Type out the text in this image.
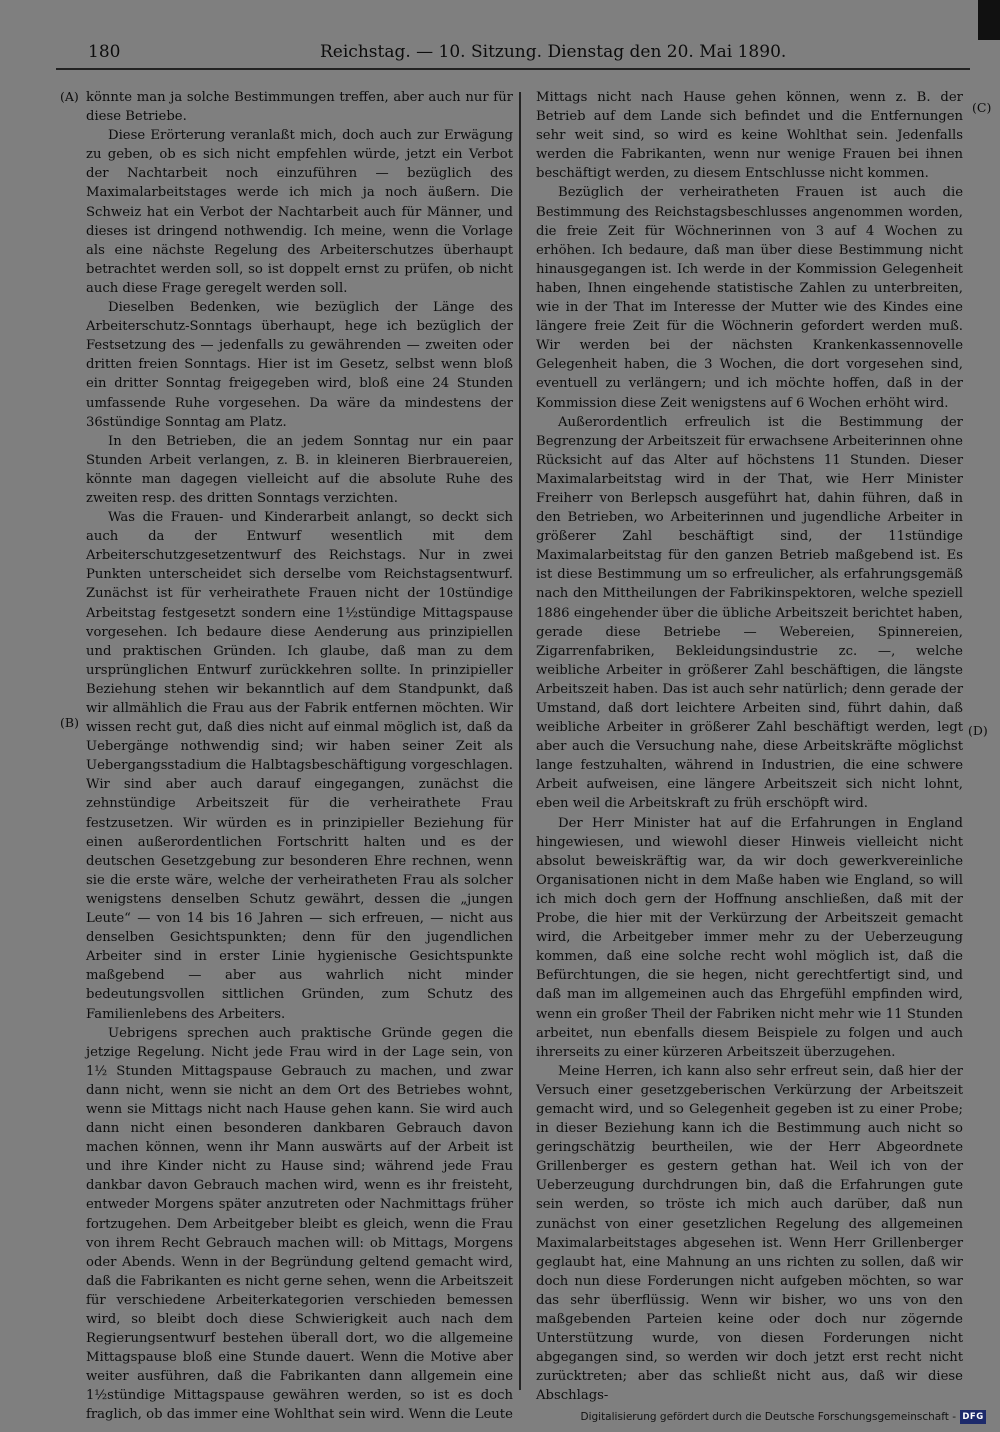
180	Reichstag. — 10. Sitzung. Dienstag den 20. Mai 1890.
(A)
(B)
(C)
(D)

könnte man ja solche Bestimmungen treffen, aber auch nur für diese Betriebe.

Diese Erörterung veranlaßt mich, doch auch zur Erwägung zu geben, ob es sich nicht empfehlen würde, jetzt ein Verbot der Nachtarbeit noch einzuführen — bezüglich des Maximalarbeitstages werde ich mich ja noch äußern. Die Schweiz hat ein Verbot der Nachtarbeit auch für Männer, und dieses ist dringend nothwendig. Ich meine, wenn die Vorlage als eine nächste Regelung des Arbeiterschutzes überhaupt betrachtet werden soll, so ist doppelt ernst zu prüfen, ob nicht auch diese Frage geregelt werden soll.

Dieselben Bedenken, wie bezüglich der Länge des Arbeiterschutz-Sonntags überhaupt, hege ich bezüglich der Festsetzung des — jedenfalls zu gewährenden — zweiten oder dritten freien Sonntags. Hier ist im Gesetz, selbst wenn bloß ein dritter Sonntag freigegeben wird, bloß eine 24 Stunden umfassende Ruhe vorgesehen. Da wäre da mindestens der 36stündige Sonntag am Platz.

In den Betrieben, die an jedem Sonntag nur ein paar Stunden Arbeit verlangen, z. B. in kleineren Bierbrauereien, könnte man dagegen vielleicht auf die absolute Ruhe des zweiten resp. des dritten Sonntags verzichten.

Was die Frauen- und Kinderarbeit anlangt, so deckt sich auch da der Entwurf wesentlich mit dem Arbeiterschutzgesetzentwurf des Reichstags. Nur in zwei Punkten unterscheidet sich derselbe vom Reichstagsentwurf. Zunächst ist für verheirathete Frauen nicht der 10stündige Arbeitstag festgesetzt sondern eine 1½stündige Mittagspause vorgesehen. Ich bedaure diese Aenderung aus prinzipiellen und praktischen Gründen. Ich glaube, daß man zu dem ursprünglichen Entwurf zurückkehren sollte. In prinzipieller Beziehung stehen wir bekanntlich auf dem Standpunkt, daß wir allmählich die Frau aus der Fabrik entfernen möchten. Wir wissen recht gut, daß dies nicht auf einmal möglich ist, daß da Uebergänge nothwendig sind; wir haben seiner Zeit als Uebergangsstadium die Halbtagsbeschäftigung vorgeschlagen. Wir sind aber auch darauf eingegangen, zunächst die zehnstündige Arbeitszeit für die verheirathete Frau festzusetzen. Wir würden es in prinzipieller Beziehung für einen außerordentlichen Fortschritt halten und es der deutschen Gesetzgebung zur besonderen Ehre rechnen, wenn sie die erste wäre, welche der verheiratheten Frau als solcher wenigstens denselben Schutz gewährt, dessen die „jungen Leute“ — von 14 bis 16 Jahren — sich erfreuen, — nicht aus denselben Gesichtspunkten; denn für den jugendlichen Arbeiter sind in erster Linie hygienische Gesichtspunkte maßgebend — aber aus wahrlich nicht minder bedeutungsvollen sittlichen Gründen, zum Schutz des Familienlebens des Arbeiters.

Uebrigens sprechen auch praktische Gründe gegen die jetzige Regelung. Nicht jede Frau wird in der Lage sein, von 1½ Stunden Mittagspause Gebrauch zu machen, und zwar dann nicht, wenn sie nicht an dem Ort des Betriebes wohnt, wenn sie Mittags nicht nach Hause gehen kann. Sie wird auch dann nicht einen besonderen dankbaren Gebrauch davon machen können, wenn ihr Mann auswärts auf der Arbeit ist und ihre Kinder nicht zu Hause sind; während jede Frau dankbar davon Gebrauch machen wird, wenn es ihr freisteht, entweder Morgens später anzutreten oder Nachmittags früher fortzugehen. Dem Arbeitgeber bleibt es gleich, wenn die Frau von ihrem Recht Gebrauch machen will: ob Mittags, Morgens oder Abends. Wenn in der Begründung geltend gemacht wird, daß die Fabrikanten es nicht gerne sehen, wenn die Arbeitszeit für verschiedene Arbeiterkategorien verschieden bemessen wird, so bleibt doch diese Schwierigkeit auch nach dem Regierungsentwurf bestehen überall dort, wo die allgemeine Mittagspause bloß eine Stunde dauert. Wenn die Motive aber weiter ausführen, daß die Fabrikanten dann allgemein eine 1½stündige Mittagspause gewähren werden, so ist es doch fraglich, ob das immer eine Wohlthat sein wird. Wenn die Leute

Mittags nicht nach Hause gehen können, wenn z. B. der Betrieb auf dem Lande sich befindet und die Entfernungen sehr weit sind, so wird es keine Wohlthat sein. Jedenfalls werden die Fabrikanten, wenn nur wenige Frauen bei ihnen beschäftigt werden, zu diesem Entschlusse nicht kommen.

Bezüglich der verheiratheten Frauen ist auch die Bestimmung des Reichstagsbeschlusses angenommen worden, die freie Zeit für Wöchnerinnen von 3 auf 4 Wochen zu erhöhen. Ich bedaure, daß man über diese Bestimmung nicht hinausgegangen ist. Ich werde in der Kommission Gelegenheit haben, Ihnen eingehende statistische Zahlen zu unterbreiten, wie in der That im Interesse der Mutter wie des Kindes eine längere freie Zeit für die Wöchnerin gefordert werden muß. Wir werden bei der nächsten Krankenkassennovelle Gelegenheit haben, die 3 Wochen, die dort vorgesehen sind, eventuell zu verlängern; und ich möchte hoffen, daß in der Kommission diese Zeit wenigstens auf 6 Wochen erhöht wird.

Außerordentlich erfreulich ist die Bestimmung der Begrenzung der Arbeitszeit für erwachsene Arbeiterinnen ohne Rücksicht auf das Alter auf höchstens 11 Stunden. Dieser Maximalarbeitstag wird in der That, wie Herr Minister Freiherr von Berlepsch ausgeführt hat, dahin führen, daß in den Betrieben, wo Arbeiterinnen und jugendliche Arbeiter in größerer Zahl beschäftigt sind, der 11stündige Maximalarbeitstag für den ganzen Betrieb maßgebend ist. Es ist diese Bestimmung um so erfreulicher, als erfahrungsgemäß nach den Mittheilungen der Fabrikinspektoren, welche speziell 1886 eingehender über die übliche Arbeitszeit berichtet haben, gerade diese Betriebe — Webereien, Spinnereien, Zigarrenfabriken, Bekleidungsindustrie zc. —, welche weibliche Arbeiter in größerer Zahl beschäftigen, die längste Arbeitszeit haben. Das ist auch sehr natürlich; denn gerade der Umstand, daß dort leichtere Arbeiten sind, führt dahin, daß weibliche Arbeiter in größerer Zahl beschäftigt werden, legt aber auch die Versuchung nahe, diese Arbeitskräfte möglichst lange festzuhalten, während in Industrien, die eine schwere Arbeit aufweisen, eine längere Arbeitszeit sich nicht lohnt, eben weil die Arbeitskraft zu früh erschöpft wird.

Der Herr Minister hat auf die Erfahrungen in England hingewiesen, und wiewohl dieser Hinweis vielleicht nicht absolut beweiskräftig war, da wir doch gewerkvereinliche Organisationen nicht in dem Maße haben wie England, so will ich mich doch gern der Hoffnung anschließen, daß mit der Probe, die hier mit der Verkürzung der Arbeitszeit gemacht wird, die Arbeitgeber immer mehr zu der Ueberzeugung kommen, daß eine solche recht wohl möglich ist, daß die Befürchtungen, die sie hegen, nicht gerechtfertigt sind, und daß man im allgemeinen auch das Ehrgefühl empfinden wird, wenn ein großer Theil der Fabriken nicht mehr wie 11 Stunden arbeitet, nun ebenfalls diesem Beispiele zu folgen und auch ihrerseits zu einer kürzeren Arbeitszeit überzugehen.

Meine Herren, ich kann also sehr erfreut sein, daß hier der Versuch einer gesetzgeberischen Verkürzung der Arbeitszeit gemacht wird, und so Gelegenheit gegeben ist zu einer Probe; in dieser Beziehung kann ich die Bestimmung auch nicht so geringschätzig beurtheilen, wie der Herr Abgeordnete Grillenberger es gestern gethan hat. Weil ich von der Ueberzeugung durchdrungen bin, daß die Erfahrungen gute sein werden, so tröste ich mich auch darüber, daß nun zunächst von einer gesetzlichen Regelung des allgemeinen Maximalarbeitstages abgesehen ist. Wenn Herr Grillenberger geglaubt hat, eine Mahnung an uns richten zu sollen, daß wir doch nun diese Forderungen nicht aufgeben möchten, so war das sehr überflüssig. Wenn wir bisher, wo uns von den maßgebenden Parteien keine oder doch nur zögernde Unterstützung wurde, von diesen Forderungen nicht abgegangen sind, so werden wir doch jetzt erst recht nicht zurücktreten; aber das schließt nicht aus, daß wir diese Abschlags-

Digitalisierung gefördert durch die Deutsche Forschungsgemeinschaft - DFG
